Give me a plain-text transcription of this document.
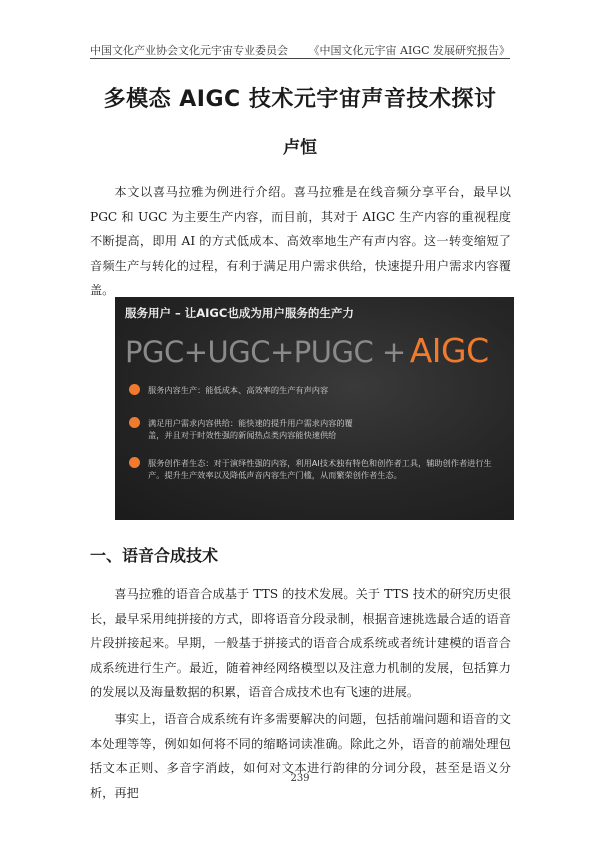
中国文化产业协会文化元宇宙专业委员会 《中国文化元宇宙 AIGC 发展研究报告》
多模态 AIGC 技术元宇宙声音技术探讨
卢恒

本文以喜马拉雅为例进行介绍。喜马拉雅是在线音频分享平台，最早以 PGC 和 UGC 为主要生产内容，而目前，其对于 AIGC 生产内容的重视程度不断提高，即用 AI 的方式低成本、高效率地生产有声内容。这一转变缩短了音频生产与转化的过程，有利于满足用户需求供给，快速提升用户需求内容覆盖。

服务用户 – 让AIGC也成为用户服务的生产力
PGC+UGC+PUGC + AIGC
服务内容生产：能低成本、高效率的生产有声内容
满足用户需求内容供给：能快速的提升用户需求内容的覆盖，并且对于时效性强的新闻热点类内容能快速供给
服务创作者生态：对于演绎性强的内容，利用AI技术独有特色和创作者工具，辅助创作者进行生产。提升生产效率以及降低声音内容生产门槛，从而繁荣创作者生态。
一、语音合成技术

喜马拉雅的语音合成基于 TTS 的技术发展。关于 TTS 技术的研究历史很长，最早采用纯拼接的方式，即将语音分段录制，根据音速挑选最合适的语音片段拼接起来。早期，一般基于拼接式的语音合成系统或者统计建模的语音合成系统进行生产。最近，随着神经网络模型以及注意力机制的发展，包括算力的发展以及海量数据的积累，语音合成技术也有飞速的进展。

事实上，语音合成系统有许多需要解决的问题，包括前端问题和语音的文本处理等等，例如如何将不同的缩略词读准确。除此之外，语音的前端处理包括文本正则、多音字消歧，如何对文本进行韵律的分词分段，甚至是语义分析，再把

239
